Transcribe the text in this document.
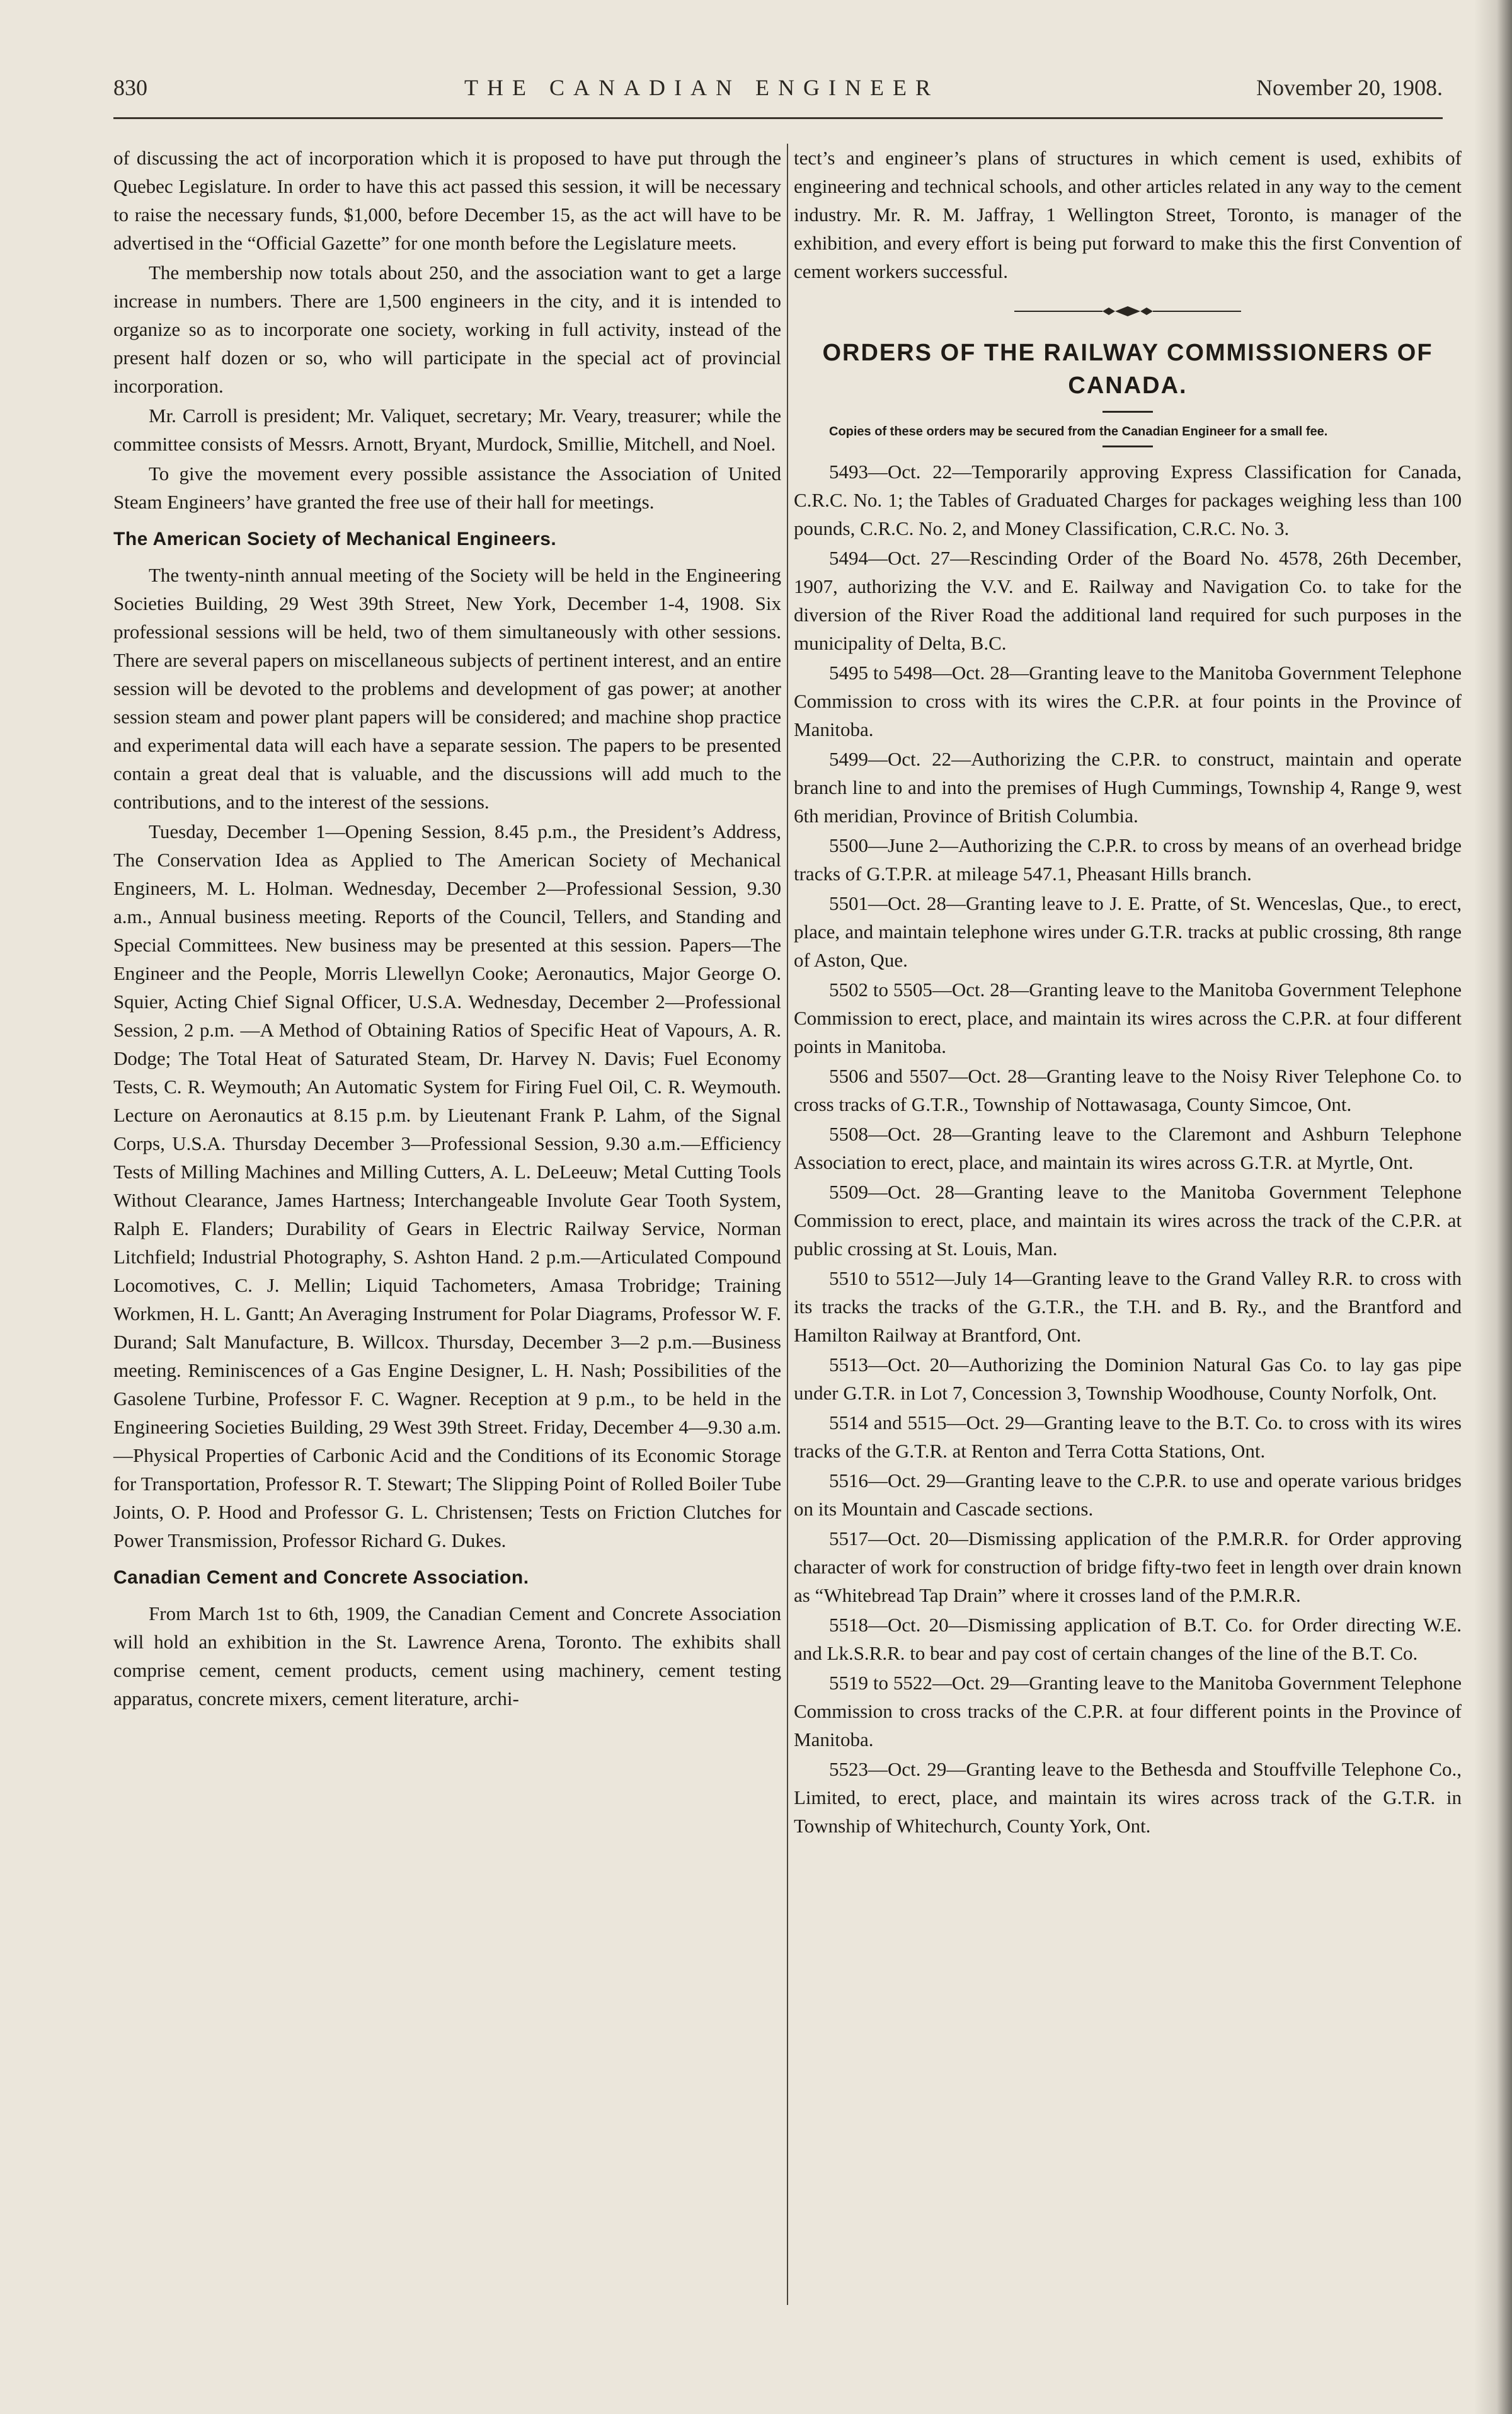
830	THE CANADIAN ENGINEER	November 20, 1908.

of discussing the act of incorporation which it is proposed to have put through the Quebec Legislature. In order to have this act passed this session, it will be necessary to raise the necessary funds, $1,000, before December 15, as the act will have to be advertised in the “Official Gazette” for one month before the Legislature meets.

The membership now totals about 250, and the association want to get a large increase in numbers. There are 1,500 engineers in the city, and it is intended to organize so as to incorporate one society, working in full activity, instead of the present half dozen or so, who will participate in the special act of provincial incorporation.

Mr. Carroll is president; Mr. Valiquet, secretary; Mr. Veary, treasurer; while the committee consists of Messrs. Arnott, Bryant, Murdock, Smillie, Mitchell, and Noel.

To give the movement every possible assistance the Association of United Steam Engineers’ have granted the free use of their hall for meetings.

The American Society of Mechanical Engineers.

The twenty-ninth annual meeting of the Society will be held in the Engineering Societies Building, 29 West 39th Street, New York, December 1-4, 1908. Six professional sessions will be held, two of them simultaneously with other sessions. There are several papers on miscellaneous subjects of pertinent interest, and an entire session will be devoted to the problems and development of gas power; at another session steam and power plant papers will be considered; and machine shop practice and experimental data will each have a separate session. The papers to be presented contain a great deal that is valuable, and the discussions will add much to the contributions, and to the interest of the sessions.

Tuesday, December 1—Opening Session, 8.45 p.m., the President’s Address, The Conservation Idea as Applied to The American Society of Mechanical Engineers, M. L. Holman. Wednesday, December 2—Professional Session, 9.30 a.m., Annual business meeting. Reports of the Council, Tellers, and Standing and Special Committees. New business may be presented at this session. Papers—The Engineer and the People, Morris Llewellyn Cooke; Aeronautics, Major George O. Squier, Acting Chief Signal Officer, U.S.A. Wednesday, December 2—Professional Session, 2 p.m. —A Method of Obtaining Ratios of Specific Heat of Vapours, A. R. Dodge; The Total Heat of Saturated Steam, Dr. Harvey N. Davis; Fuel Economy Tests, C. R. Weymouth; An Automatic System for Firing Fuel Oil, C. R. Weymouth. Lecture on Aeronautics at 8.15 p.m. by Lieutenant Frank P. Lahm, of the Signal Corps, U.S.A. Thursday December 3—Professional Session, 9.30 a.m.—Efficiency Tests of Milling Machines and Milling Cutters, A. L. DeLeeuw; Metal Cutting Tools Without Clearance, James Hartness; Interchangeable Involute Gear Tooth System, Ralph E. Flanders; Durability of Gears in Electric Railway Service, Norman Litchfield; Industrial Photography, S. Ashton Hand. 2 p.m.—Articulated Compound Locomotives, C. J. Mellin; Liquid Tachometers, Amasa Trobridge; Training Workmen, H. L. Gantt; An Averaging Instrument for Polar Diagrams, Professor W. F. Durand; Salt Manufacture, B. Willcox. Thursday, December 3—2 p.m.—Business meeting. Reminiscences of a Gas Engine Designer, L. H. Nash; Possibilities of the Gasolene Turbine, Professor F. C. Wagner. Reception at 9 p.m., to be held in the Engineering Societies Building, 29 West 39th Street. Friday, December 4—9.30 a.m.—Physical Properties of Carbonic Acid and the Conditions of its Economic Storage for Transportation, Professor R. T. Stewart; The Slipping Point of Rolled Boiler Tube Joints, O. P. Hood and Professor G. L. Christensen; Tests on Friction Clutches for Power Transmission, Professor Richard G. Dukes.

Canadian Cement and Concrete Association.

From March 1st to 6th, 1909, the Canadian Cement and Concrete Association will hold an exhibition in the St. Lawrence Arena, Toronto. The exhibits shall comprise cement, cement products, cement using machinery, cement testing apparatus, concrete mixers, cement literature, archi-

tect’s and engineer’s plans of structures in which cement is used, exhibits of engineering and technical schools, and other articles related in any way to the cement industry. Mr. R. M. Jaffray, 1 Wellington Street, Toronto, is manager of the exhibition, and every effort is being put forward to make this the first Convention of cement workers successful.

ORDERS OF THE RAILWAY COMMISSIONERS OF CANADA.

Copies of these orders may be secured from the Canadian Engineer for a small fee.

5493—Oct. 22—Temporarily approving Express Classification for Canada, C.R.C. No. 1; the Tables of Graduated Charges for packages weighing less than 100 pounds, C.R.C. No. 2, and Money Classification, C.R.C. No. 3.

5494—Oct. 27—Rescinding Order of the Board No. 4578, 26th December, 1907, authorizing the V.V. and E. Railway and Navigation Co. to take for the diversion of the River Road the additional land required for such purposes in the municipality of Delta, B.C.

5495 to 5498—Oct. 28—Granting leave to the Manitoba Government Telephone Commission to cross with its wires the C.P.R. at four points in the Province of Manitoba.

5499—Oct. 22—Authorizing the C.P.R. to construct, maintain and operate branch line to and into the premises of Hugh Cummings, Township 4, Range 9, west 6th meridian, Province of British Columbia.

5500—June 2—Authorizing the C.P.R. to cross by means of an overhead bridge tracks of G.T.P.R. at mileage 547.1, Pheasant Hills branch.

5501—Oct. 28—Granting leave to J. E. Pratte, of St. Wenceslas, Que., to erect, place, and maintain telephone wires under G.T.R. tracks at public crossing, 8th range of Aston, Que.

5502 to 5505—Oct. 28—Granting leave to the Manitoba Government Telephone Commission to erect, place, and maintain its wires across the C.P.R. at four different points in Manitoba.

5506 and 5507—Oct. 28—Granting leave to the Noisy River Telephone Co. to cross tracks of G.T.R., Township of Nottawasaga, County Simcoe, Ont.

5508—Oct. 28—Granting leave to the Claremont and Ashburn Telephone Association to erect, place, and maintain its wires across G.T.R. at Myrtle, Ont.

5509—Oct. 28—Granting leave to the Manitoba Government Telephone Commission to erect, place, and maintain its wires across the track of the C.P.R. at public crossing at St. Louis, Man.

5510 to 5512—July 14—Granting leave to the Grand Valley R.R. to cross with its tracks the tracks of the G.T.R., the T.H. and B. Ry., and the Brantford and Hamilton Railway at Brantford, Ont.

5513—Oct. 20—Authorizing the Dominion Natural Gas Co. to lay gas pipe under G.T.R. in Lot 7, Concession 3, Township Woodhouse, County Norfolk, Ont.

5514 and 5515—Oct. 29—Granting leave to the B.T. Co. to cross with its wires tracks of the G.T.R. at Renton and Terra Cotta Stations, Ont.

5516—Oct. 29—Granting leave to the C.P.R. to use and operate various bridges on its Mountain and Cascade sections.

5517—Oct. 20—Dismissing application of the P.M.R.R. for Order approving character of work for construction of bridge fifty-two feet in length over drain known as “Whitebread Tap Drain” where it crosses land of the P.M.R.R.

5518—Oct. 20—Dismissing application of B.T. Co. for Order directing W.E. and Lk.S.R.R. to bear and pay cost of certain changes of the line of the B.T. Co.

5519 to 5522—Oct. 29—Granting leave to the Manitoba Government Telephone Commission to cross tracks of the C.P.R. at four different points in the Province of Manitoba.

5523—Oct. 29—Granting leave to the Bethesda and Stouffville Telephone Co., Limited, to erect, place, and maintain its wires across track of the G.T.R. in Township of Whitechurch, County York, Ont.
